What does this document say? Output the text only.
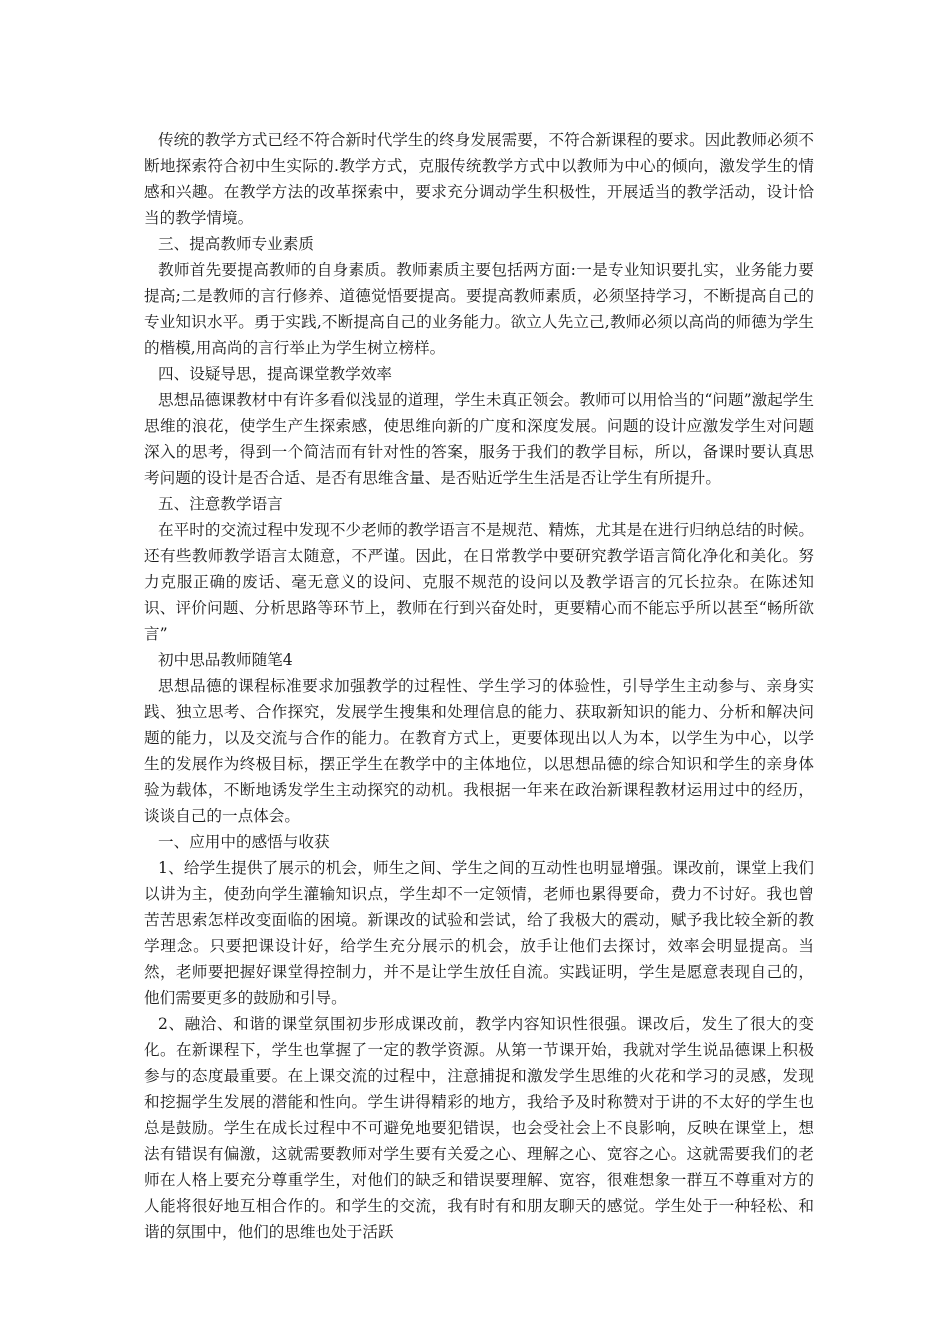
传统的教学方式已经不符合新时代学生的终身发展需要，不符合新课程的要求。因此教师必须不断地探索符合初中生实际的.教学方式，克服传统教学方式中以教师为中心的倾向，激发学生的情感和兴趣。在教学方法的改革探索中，要求充分调动学生积极性，开展适当的教学活动，设计恰当的教学情境。

三、提高教师专业素质

教师首先要提高教师的自身素质。教师素质主要包括两方面:一是专业知识要扎实，业务能力要提高;二是教师的言行修养、道德觉悟要提高。要提高教师素质，必须坚持学习，不断提高自己的专业知识水平。勇于实践,不断提高自己的业务能力。欲立人先立己,教师必须以高尚的师德为学生的楷模,用高尚的言行举止为学生树立榜样。

四、设疑导思，提高课堂教学效率

思想品德课教材中有许多看似浅显的道理，学生未真正领会。教师可以用恰当的“问题”激起学生思维的浪花，使学生产生探索感，使思维向新的广度和深度发展。问题的设计应激发学生对问题深入的思考，得到一个简洁而有针对性的答案，服务于我们的教学目标，所以，备课时要认真思考问题的设计是否合适、是否有思维含量、是否贴近学生生活是否让学生有所提升。

五、注意教学语言

在平时的交流过程中发现不少老师的教学语言不是规范、精炼，尤其是在进行归纳总结的时候。还有些教师教学语言太随意，不严谨。因此，在日常教学中要研究教学语言简化净化和美化。努力克服正确的废话、毫无意义的设问、克服不规范的设问以及教学语言的冗长拉杂。在陈述知识、评价问题、分析思路等环节上，教师在行到兴奋处时，更要精心而不能忘乎所以甚至“畅所欲言”

初中思品教师随笔4

思想品德的课程标准要求加强教学的过程性、学生学习的体验性，引导学生主动参与、亲身实践、独立思考、合作探究，发展学生搜集和处理信息的能力、获取新知识的能力、分析和解决问题的能力，以及交流与合作的能力。在教育方式上，更要体现出以人为本，以学生为中心，以学生的发展作为终极目标，摆正学生在教学中的主体地位，以思想品德的综合知识和学生的亲身体验为载体，不断地诱发学生主动探究的动机。我根据一年来在政治新课程教材运用过中的经历，谈谈自己的一点体会。

一、应用中的感悟与收获

1、给学生提供了展示的机会，师生之间、学生之间的互动性也明显增强。课改前，课堂上我们以讲为主，使劲向学生灌输知识点，学生却不一定领情，老师也累得要命，费力不讨好。我也曾苦苦思索怎样改变面临的困境。新课改的试验和尝试，给了我极大的震动，赋予我比较全新的教学理念。只要把课设计好，给学生充分展示的机会，放手让他们去探讨，效率会明显提高。当然，老师要把握好课堂得控制力，并不是让学生放任自流。实践证明，学生是愿意表现自己的，他们需要更多的鼓励和引导。

2、融洽、和谐的课堂氛围初步形成课改前，教学内容知识性很强。课改后，发生了很大的变化。在新课程下，学生也掌握了一定的教学资源。从第一节课开始，我就对学生说品德课上积极参与的态度最重要。在上课交流的过程中，注意捕捉和激发学生思维的火花和学习的灵感，发现和挖掘学生发展的潜能和性向。学生讲得精彩的地方，我给予及时称赞对于讲的不太好的学生也总是鼓励。学生在成长过程中不可避免地要犯错误，也会受社会上不良影响，反映在课堂上，想法有错误有偏激，这就需要教师对学生要有关爱之心、理解之心、宽容之心。这就需要我们的老师在人格上要充分尊重学生，对他们的缺乏和错误要理解、宽容，很难想象一群互不尊重对方的人能将很好地互相合作的。和学生的交流，我有时有和朋友聊天的感觉。学生处于一种轻松、和谐的氛围中，他们的思维也处于活跃
